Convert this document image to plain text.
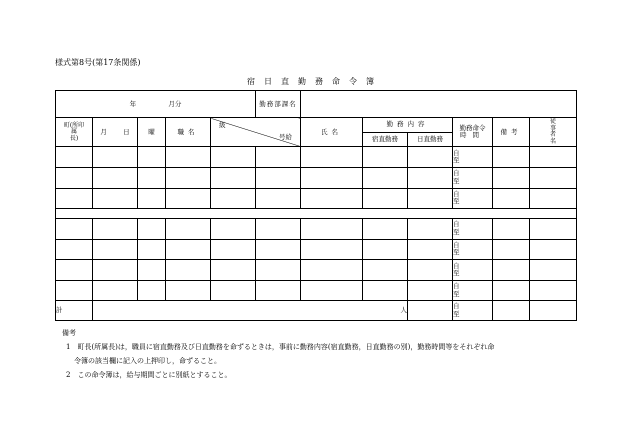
様式第8号(第17条関係)
宿日直勤務命令簿
年 月分					勤務部課名						
町(所印
属
長)	月 日	曜	職名	級
号給		氏名	勤務内容		勤務命令
時間	備考	従
事
者
名
							宿直勤務	日直勤務			

									自
至		

									自
至		

									自
至		

									自
至		

									自
至		

									自
至		

									自
至		

計	人								自
至		

備考
1　町長(所属長)は，職員に宿直勤務及び日直勤務を命ずるときは，事前に勤務内容(宿直勤務，日直勤務の別)，勤務時間等をそれぞれ命
令簿の該当欄に記入の上押印し，命ずること。
2　この命令簿は，給与期間ごとに別紙とすること。
